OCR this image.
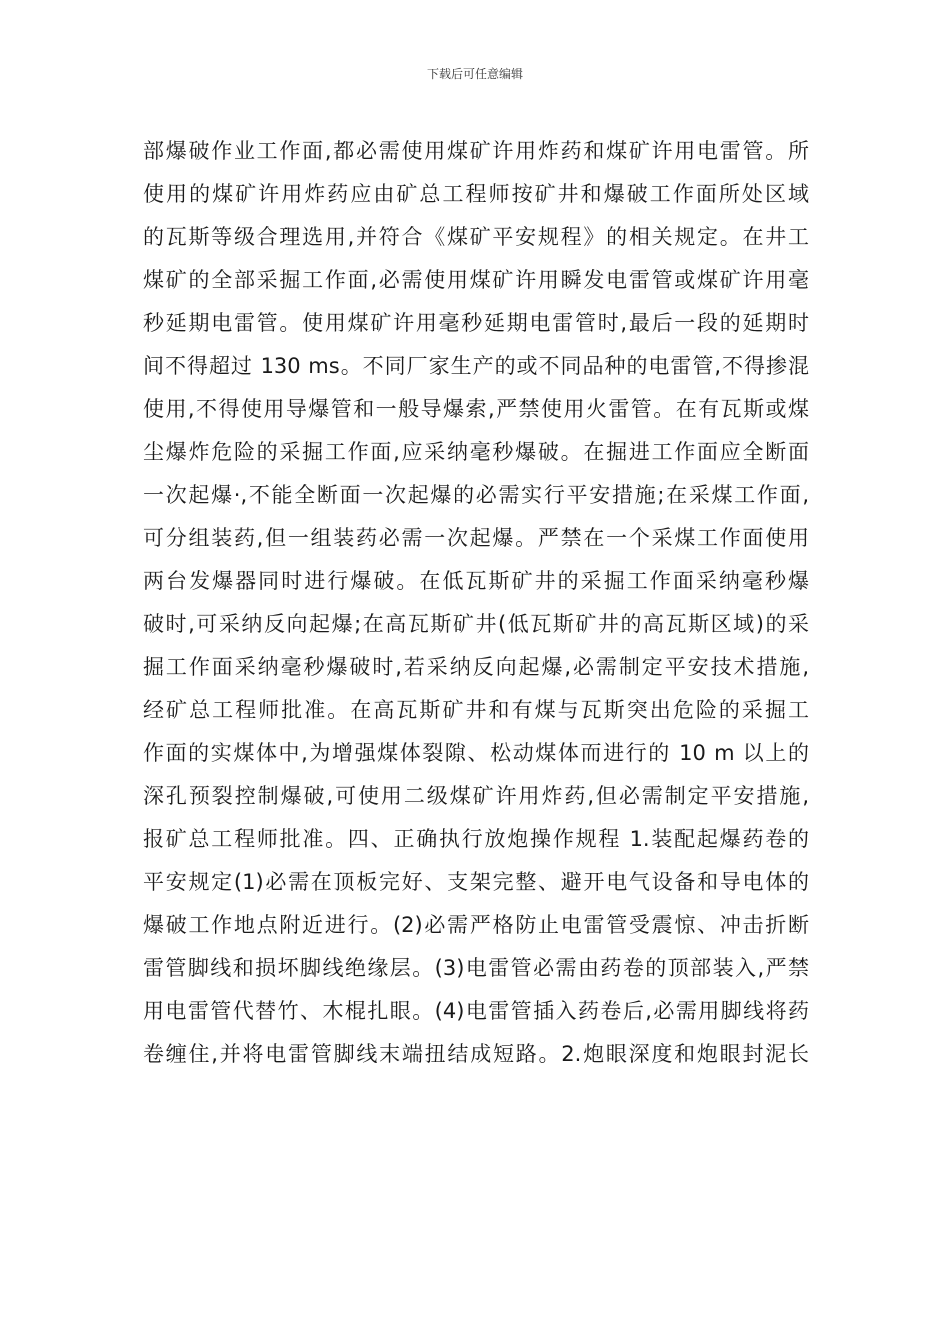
下载后可任意编辑
部爆破作业工作面,都必需使用煤矿许用炸药和煤矿许用电雷管。所
使用的煤矿许用炸药应由矿总工程师按矿井和爆破工作面所处区域
的瓦斯等级合理选用,并符合《煤矿平安规程》的相关规定。在井工
煤矿的全部采掘工作面,必需使用煤矿许用瞬发电雷管或煤矿许用毫
秒延期电雷管。使用煤矿许用毫秒延期电雷管时,最后一段的延期时
间不得超过 130 ms。不同厂家生产的或不同品种的电雷管,不得掺混
使用,不得使用导爆管和一般导爆索,严禁使用火雷管。在有瓦斯或煤
尘爆炸危险的采掘工作面,应采纳毫秒爆破。在掘进工作面应全断面
一次起爆·,不能全断面一次起爆的必需实行平安措施;在采煤工作面,
可分组装药,但一组装药必需一次起爆。严禁在一个采煤工作面使用
两台发爆器同时进行爆破。在低瓦斯矿井的采掘工作面采纳毫秒爆
破时,可采纳反向起爆;在高瓦斯矿井(低瓦斯矿井的高瓦斯区域)的采
掘工作面采纳毫秒爆破时,若采纳反向起爆,必需制定平安技术措施,
经矿总工程师批准。在高瓦斯矿井和有煤与瓦斯突出危险的采掘工
作面的实煤体中,为增强煤体裂隙、松动煤体而进行的 10 m 以上的
深孔预裂控制爆破,可使用二级煤矿许用炸药,但必需制定平安措施,
报矿总工程师批准。四、正确执行放炮操作规程 1.装配起爆药卷的
平安规定(1)必需在顶板完好、支架完整、避开电气设备和导电体的
爆破工作地点附近进行。(2)必需严格防止电雷管受震惊、冲击折断
雷管脚线和损坏脚线绝缘层。(3)电雷管必需由药卷的顶部装入,严禁
用电雷管代替竹、木棍扎眼。(4)电雷管插入药卷后,必需用脚线将药
卷缠住,并将电雷管脚线末端扭结成短路。2.炮眼深度和炮眼封泥长
